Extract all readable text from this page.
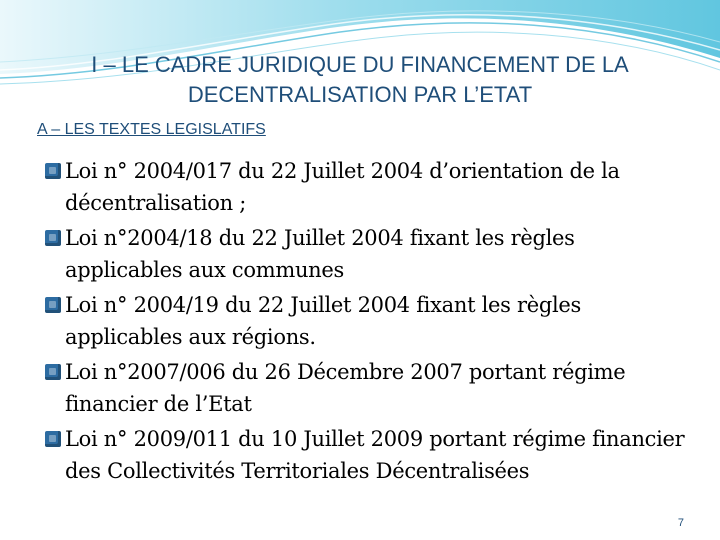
I – LE CADRE JURIDIQUE DU FINANCEMENT DE LA DECENTRALISATION PAR L’ETAT
A – LES TEXTES LEGISLATIFS
Loi n° 2004/017 du 22 Juillet 2004 d’orientation de la décentralisation ;
Loi n°2004/18 du 22 Juillet 2004 fixant les règles applicables aux communes
Loi n° 2004/19 du 22 Juillet 2004 fixant les règles applicables aux régions.
Loi n°2007/006 du 26 Décembre 2007 portant régime financier de l’Etat
Loi n° 2009/011 du 10 Juillet 2009 portant régime financier des Collectivités Territoriales Décentralisées
7
